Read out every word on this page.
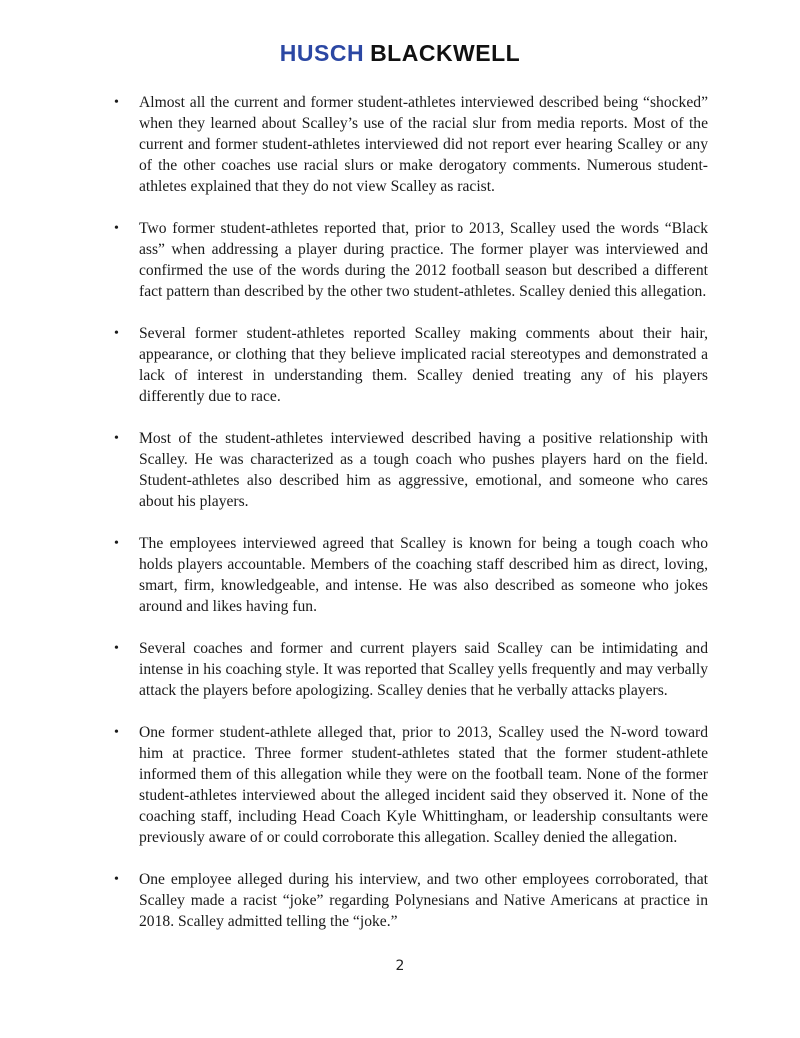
HUSCH BLACKWELL
• Almost all the current and former student-athletes interviewed described being “shocked” when they learned about Scalley’s use of the racial slur from media reports. Most of the current and former student-athletes interviewed did not report ever hearing Scalley or any of the other coaches use racial slurs or make derogatory comments. Numerous student-athletes explained that they do not view Scalley as racist.
• Two former student-athletes reported that, prior to 2013, Scalley used the words “Black ass” when addressing a player during practice. The former player was interviewed and confirmed the use of the words during the 2012 football season but described a different fact pattern than described by the other two student-athletes. Scalley denied this allegation.
• Several former student-athletes reported Scalley making comments about their hair, appearance, or clothing that they believe implicated racial stereotypes and demonstrated a lack of interest in understanding them. Scalley denied treating any of his players differently due to race.
• Most of the student-athletes interviewed described having a positive relationship with Scalley. He was characterized as a tough coach who pushes players hard on the field. Student-athletes also described him as aggressive, emotional, and someone who cares about his players.
• The employees interviewed agreed that Scalley is known for being a tough coach who holds players accountable. Members of the coaching staff described him as direct, loving, smart, firm, knowledgeable, and intense. He was also described as someone who jokes around and likes having fun.
• Several coaches and former and current players said Scalley can be intimidating and intense in his coaching style. It was reported that Scalley yells frequently and may verbally attack the players before apologizing. Scalley denies that he verbally attacks players.
• One former student-athlete alleged that, prior to 2013, Scalley used the N-word toward him at practice. Three former student-athletes stated that the former student-athlete informed them of this allegation while they were on the football team. None of the former student-athletes interviewed about the alleged incident said they observed it. None of the coaching staff, including Head Coach Kyle Whittingham, or leadership consultants were previously aware of or could corroborate this allegation. Scalley denied the allegation.
• One employee alleged during his interview, and two other employees corroborated, that Scalley made a racist “joke” regarding Polynesians and Native Americans at practice in 2018. Scalley admitted telling the “joke.”
2
